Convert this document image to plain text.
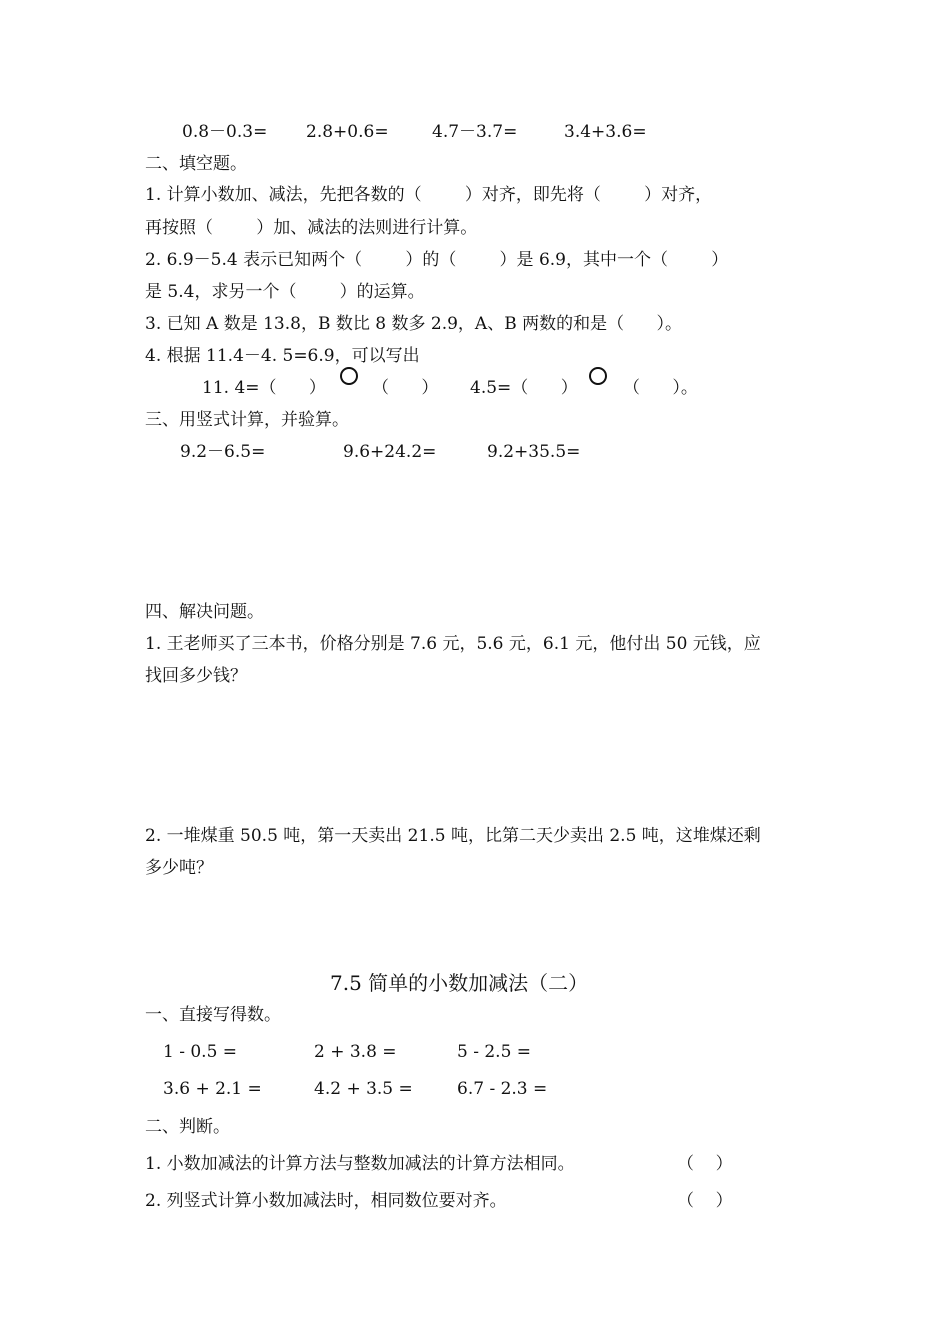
0.8－0.3= 2.8+0.6=	4.7－3.7=	3.4+3.6=
二、填空题。
1. 计算小数加、减法，先把各数的（        ）对齐，即先将（        ）对齐，
再按照（        ）加、减法的法则进行计算。
2. 6.9－5.4 表示已知两个（        ）的（        ）是 6.9，其中一个（        ）
是 5.4，求另一个（        ）的运算。
3. 已知 A 数是 13.8，B 数比 8 数多 2.9，A、B 两数的和是（      ）。
4. 根据 11.4－4. 5=6.9，可以写出
11. 4=（      ）	（      ） 4.5=（      ）	（      ）。
三、用竖式计算，并验算。
9.2－6.5=	9.6+24.2=	9.2+35.5=
四、解决问题。
1. 王老师买了三本书，价格分别是 7.6 元，5.6 元，6.1 元，他付出 50 元钱，应
找回多少钱？
2. 一堆煤重 50.5 吨，第一天卖出 21.5 吨，比第二天少卖出 2.5 吨，这堆煤还剩
多少吨？
7.5 简单的小数加减法（二）
一、直接写得数。
1 - 0.5 =	2 + 3.8 =	5 - 2.5 =
3.6 + 2.1 =	4.2 + 3.5 =	6.7 - 2.3 =
二、判断。
1. 小数加减法的计算方法与整数加减法的计算方法相同。	（    ）
2. 列竖式计算小数加减法时，相同数位要对齐。	（    ）
